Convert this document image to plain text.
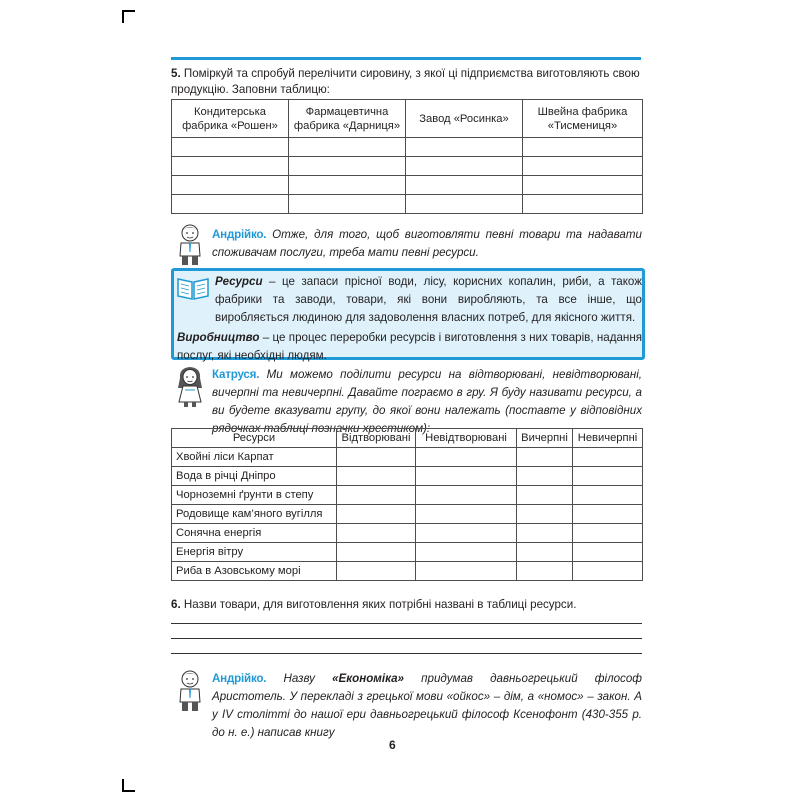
5. Поміркуй та спробуй перелічити сировину, з якої ці підприємства виготовляють свою продукцію. Заповни таблицю:
Кондитерська фабрика «Рошен»	Фармацевтична фабрика «Дарниця»	Завод «Росинка»	Швейна фабрика «Тисмениця»

Андрійко. Отже, для того, щоб виготовляти певні товари та надавати споживачам послуги, треба мати певні ресурси.

Ресурси – це запаси прісної води, лісу, корисних копалин, риби, а також фабрики та заводи, товари, які вони виробляють, та все інше, що виробляється людиною для задоволення власних потреб, для якісного життя.

Виробництво – це процес переробки ресурсів і виготовлення з них товарів, надання послуг, які необхідні людям.

Катруся. Ми можемо поділити ресурси на відтворювані, невідтворювані, вичерпні та невичерпні. Давайте пограємо в гру. Я буду називати ресурси, а ви будете вказувати групу, до якої вони належать (поставте у відповідних рядочках таблиці позначки хрестиком):
Ресурси	Відтворювані	Невідтворювані	Вичерпні	Невичерпні
Хвойні ліси Карпат				
Вода в річці Дніпро				
Чорноземні ґрунти в степу				
Родовище кам’яного вугілля				
Сонячна енергія				
Енергія вітру				
Риба в Азовському морі				
6. Назви товари, для виготовлення яких потрібні названі в таблиці ресурси.
Андрійко. Назву «Економіка» придумав давньогрецький філософ Аристотель. У перекладі з грецької мови «ойкос» – дім, а «номос» – закон. А у IV столітті до нашої ери давньогрецький філософ Ксенофонт (430-355 р. до н. е.) написав книгу
6
